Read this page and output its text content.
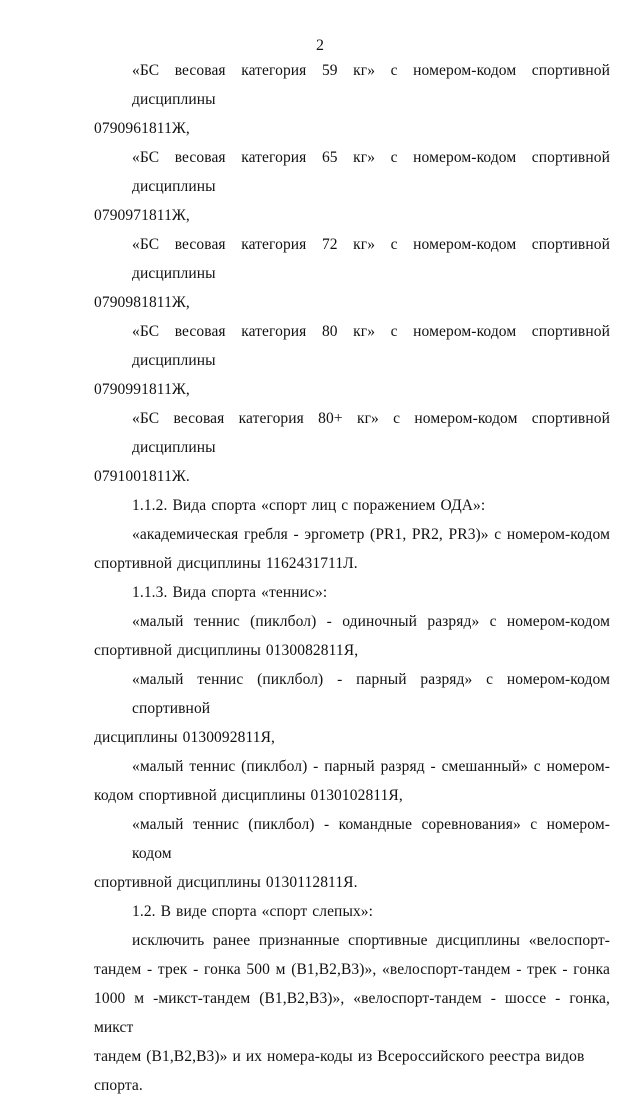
2
«БС весовая категория 59 кг» с номером-кодом спортивной дисциплины
0790961811Ж,
«БС весовая категория 65 кг» с номером-кодом спортивной дисциплины
0790971811Ж,
«БС весовая категория 72 кг» с номером-кодом спортивной дисциплины
0790981811Ж,
«БС весовая категория 80 кг» с номером-кодом спортивной дисциплины
0790991811Ж,
«БС весовая категория 80+ кг» с номером-кодом спортивной дисциплины
0791001811Ж.
1.1.2. Вида спорта «спорт лиц с поражением ОДА»:
«академическая гребля - эргометр (PR1, PR2, PR3)» с номером-кодом
спортивной дисциплины 1162431711Л.
1.1.3. Вида спорта «теннис»:
«малый теннис (пиклбол) - одиночный разряд» с номером-кодом
спортивной дисциплины 0130082811Я,
«малый теннис (пиклбол) - парный разряд» с номером-кодом спортивной
дисциплины 0130092811Я,
«малый теннис (пиклбол) - парный разряд - смешанный» с номером-
кодом спортивной дисциплины 0130102811Я,
«малый теннис (пиклбол) - командные соревнования» с номером-кодом
спортивной дисциплины 0130112811Я.
1.2. В виде спорта «спорт слепых»:
исключить ранее признанные спортивные дисциплины «велоспорт-
тандем - трек - гонка 500 м (B1,B2,B3)», «велоспорт-тандем - трек - гонка
1000 м -микст-тандем (B1,B2,B3)», «велоспорт-тандем - шоссе - гонка, микст
тандем (B1,B2,B3)» и их номера-коды из Всероссийского реестра видов спорта.
